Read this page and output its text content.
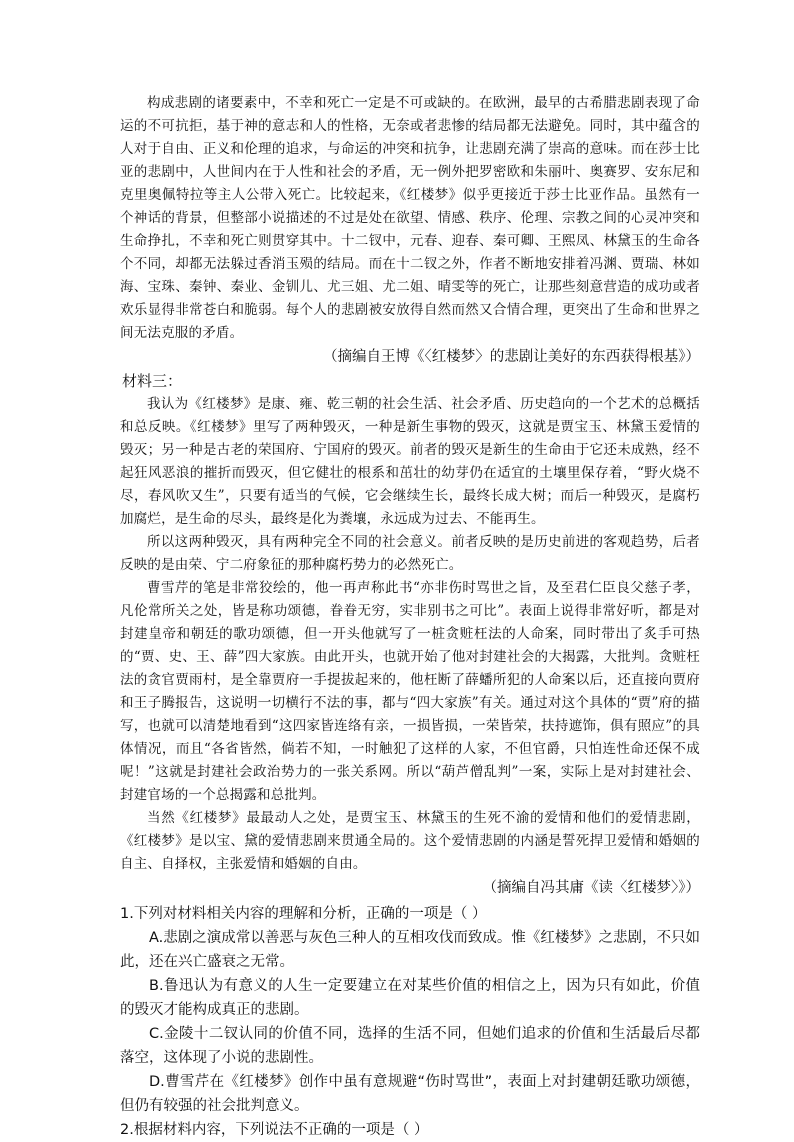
构成悲剧的诸要素中，不幸和死亡一定是不可或缺的。在欧洲，最早的古希腊悲剧表现了命运的不可抗拒，基于神的意志和人的性格，无奈或者悲惨的结局都无法避免。同时，其中蕴含的人对于自由、正义和伦理的追求，与命运的冲突和抗争，让悲剧充满了崇高的意味。而在莎士比亚的悲剧中，人世间内在于人性和社会的矛盾，无一例外把罗密欧和朱丽叶、奥赛罗、安东尼和克里奥佩特拉等主人公带入死亡。比较起来，《红楼梦》似乎更接近于莎士比亚作品。虽然有一个神话的背景，但整部小说描述的不过是处在欲望、情感、秩序、伦理、宗教之间的心灵冲突和生命挣扎，不幸和死亡则贯穿其中。十二钗中，元春、迎春、秦可卿、王熙凤、林黛玉的生命各个不同，却都无法躲过香消玉殒的结局。而在十二钗之外，作者不断地安排着冯渊、贾瑞、林如海、宝珠、秦钟、秦业、金钏儿、尤三姐、尤二姐、晴雯等的死亡，让那些刻意营造的成功或者欢乐显得非常苍白和脆弱。每个人的悲剧被安放得自然而然又合情合理，更突出了生命和世界之间无法克服的矛盾。

（摘编自王博《〈红楼梦〉的悲剧让美好的东西获得根基》）

材料三：

我认为《红楼梦》是康、雍、乾三朝的社会生活、社会矛盾、历史趋向的一个艺术的总概括和总反映。《红楼梦》里写了两种毁灭，一种是新生事物的毁灭，这就是贾宝玉、林黛玉爱情的毁灭；另一种是古老的荣国府、宁国府的毁灭。前者的毁灭是新生的生命由于它还未成熟，经不起狂风恶浪的摧折而毁灭，但它健壮的根系和茁壮的幼芽仍在适宜的土壤里保存着，“野火烧不尽，春风吹又生”，只要有适当的气候，它会继续生长，最终长成大树；而后一种毁灭，是腐朽加腐烂，是生命的尽头，最终是化为粪壤，永远成为过去、不能再生。

所以这两种毁灭，具有两种完全不同的社会意义。前者反映的是历史前进的客观趋势，后者反映的是由荣、宁二府象征的那种腐朽势力的必然死亡。

曹雪芹的笔是非常狡绘的，他一再声称此书“亦非伤时骂世之旨，及至君仁臣良父慈子孝，凡伦常所关之处，皆是称功颂德，眷眷无穷，实非别书之可比”。表面上说得非常好听，都是对封建皇帝和朝廷的歌功颂德，但一开头他就写了一桩贪赃枉法的人命案，同时带出了炙手可热的“贾、史、王、薛”四大家族。由此开头，也就开始了他对封建社会的大揭露，大批判。贪赃枉法的贪官贾雨村，是全靠贾府一手提拔起来的，他枉断了薛蟠所犯的人命案以后，还直接向贾府和王子腾报告，这说明一切横行不法的事，都与“四大家族”有关。通过对这个具体的“贾”府的描写，也就可以清楚地看到“这四家皆连络有亲，一损皆损，一荣皆荣，扶持遮饰，俱有照应”的具体情况，而且“各省皆然，倘若不知，一时触犯了这样的人家，不但官爵，只怕连性命还保不成呢！”这就是封建社会政治势力的一张关系网。所以“葫芦僧乱判”一案，实际上是对封建社会、封建官场的一个总揭露和总批判。

当然《红楼梦》最最动人之处，是贾宝玉、林黛玉的生死不渝的爱情和他们的爱情悲剧，《红楼梦》是以宝、黛的爱情悲剧来贯通全局的。这个爱情悲剧的内涵是誓死捍卫爱情和婚姻的自主、自择权，主张爱情和婚姻的自由。

（摘编自冯其庸《读〈红楼梦〉》）

1.下列对材料相关内容的理解和分析，正确的一项是（ ）

A.悲剧之演成常以善恶与灰色三种人的互相攻伐而致成。惟《红楼梦》之悲剧，不只如此，还在兴亡盛衰之无常。

B.鲁迅认为有意义的人生一定要建立在对某些价值的相信之上，因为只有如此，价值的毁灭才能构成真正的悲剧。

C.金陵十二钗认同的价值不同，选择的生活不同，但她们追求的价值和生活最后尽都落空，这体现了小说的悲剧性。

D.曹雪芹在《红楼梦》创作中虽有意规避“伤时骂世”，表面上对封建朝廷歌功颂德，但仍有较强的社会批判意义。

2.根据材料内容，下列说法不正确的一项是（ ）
